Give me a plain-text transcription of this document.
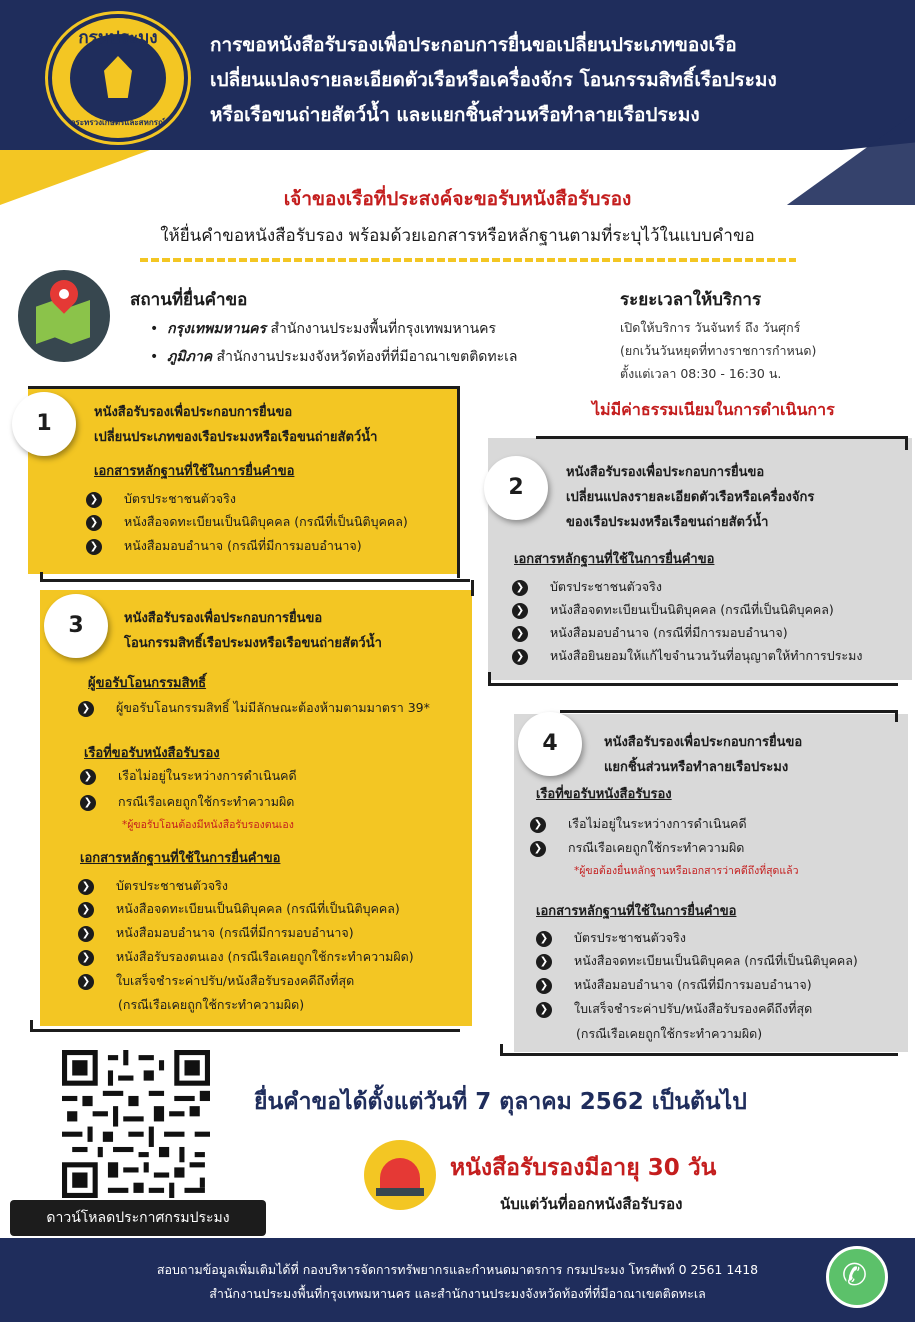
กรมประมง
กระทรวงเกษตรและสหกรณ์
การขอหนังสือรับรองเพื่อประกอบการยื่นขอเปลี่ยนประเภทของเรือ
เปลี่ยนแปลงรายละเอียดตัวเรือหรือเครื่องจักร โอนกรรมสิทธิ์เรือประมง
หรือเรือขนถ่ายสัตว์น้ำ และแยกชิ้นส่วนหรือทำลายเรือประมง
เจ้าของเรือที่ประสงค์จะขอรับหนังสือรับรอง
ให้ยื่นคำขอหนังสือรับรอง พร้อมด้วยเอกสารหรือหลักฐานตามที่ระบุไว้ในแบบคำขอ
สถานที่ยื่นคำขอ
•  กรุงเทพมหานคร สำนักงานประมงพื้นที่กรุงเทพมหานคร
•  ภูมิภาค สำนักงานประมงจังหวัดท้องที่ที่มีอาณาเขตติดทะเล
ระยะเวลาให้บริการ
เปิดให้บริการ วันจันทร์ ถึง วันศุกร์
(ยกเว้นวันหยุดที่ทางราชการกำหนด)
ตั้งแต่เวลา 08:30 - 16:30 น.
ไม่มีค่าธรรมเนียมในการดำเนินการ
1	หนังสือรับรองเพื่อประกอบการยื่นขอ
เปลี่ยนประเภทของเรือประมงหรือเรือขนถ่ายสัตว์น้ำ
เอกสารหลักฐานที่ใช้ในการยื่นคำขอ
❯ บัตรประชาชนตัวจริง
❯ หนังสือจดทะเบียนเป็นนิติบุคคล (กรณีที่เป็นนิติบุคคล)
❯ หนังสือมอบอำนาจ (กรณีที่มีการมอบอำนาจ)
2
หนังสือรับรองเพื่อประกอบการยื่นขอ
เปลี่ยนแปลงรายละเอียดตัวเรือหรือเครื่องจักร
ของเรือประมงหรือเรือขนถ่ายสัตว์น้ำ
เอกสารหลักฐานที่ใช้ในการยื่นคำขอ
❯ บัตรประชาชนตัวจริง
❯ หนังสือจดทะเบียนเป็นนิติบุคคล (กรณีที่เป็นนิติบุคคล)
❯ หนังสือมอบอำนาจ (กรณีที่มีการมอบอำนาจ)
❯ หนังสือยินยอมให้แก้ไขจำนวนวันที่อนุญาตให้ทำการประมง
3	หนังสือรับรองเพื่อประกอบการยื่นขอ
โอนกรรมสิทธิ์เรือประมงหรือเรือขนถ่ายสัตว์น้ำ
ผู้ขอรับโอนกรรมสิทธิ์
❯ ผู้ขอรับโอนกรรมสิทธิ์ ไม่มีลักษณะต้องห้ามตามมาตรา 39*
เรือที่ขอรับหนังสือรับรอง
❯ เรือไม่อยู่ในระหว่างการดำเนินคดี
❯ กรณีเรือเคยถูกใช้กระทำความผิด
*ผู้ขอรับโอนต้องมีหนังสือรับรองตนเอง
เอกสารหลักฐานที่ใช้ในการยื่นคำขอ
❯ บัตรประชาชนตัวจริง
❯ หนังสือจดทะเบียนเป็นนิติบุคคล (กรณีที่เป็นนิติบุคคล)
❯ หนังสือมอบอำนาจ (กรณีที่มีการมอบอำนาจ)
❯ หนังสือรับรองตนเอง (กรณีเรือเคยถูกใช้กระทำความผิด)
❯ ใบเสร็จชำระค่าปรับ/หนังสือรับรองคดีถึงที่สุด
(กรณีเรือเคยถูกใช้กระทำความผิด)
4	หนังสือรับรองเพื่อประกอบการยื่นขอ
แยกชิ้นส่วนหรือทำลายเรือประมง
เรือที่ขอรับหนังสือรับรอง
❯ เรือไม่อยู่ในระหว่างการดำเนินคดี
❯ กรณีเรือเคยถูกใช้กระทำความผิด
*ผู้ขอต้องยื่นหลักฐานหรือเอกสารว่าคดีถึงที่สุดแล้ว
เอกสารหลักฐานที่ใช้ในการยื่นคำขอ
❯ บัตรประชาชนตัวจริง
❯ หนังสือจดทะเบียนเป็นนิติบุคคล (กรณีที่เป็นนิติบุคคล)
❯ หนังสือมอบอำนาจ (กรณีที่มีการมอบอำนาจ)
❯ ใบเสร็จชำระค่าปรับ/หนังสือรับรองคดีถึงที่สุด
(กรณีเรือเคยถูกใช้กระทำความผิด)
ดาวน์โหลดประกาศกรมประมง
ยื่นคำขอได้ตั้งแต่วันที่ 7 ตุลาคม 2562 เป็นต้นไป
หนังสือรับรองมีอายุ 30 วัน
นับแต่วันที่ออกหนังสือรับรอง
สอบถามข้อมูลเพิ่มเติมได้ที่ กองบริหารจัดการทรัพยากรและกำหนดมาตรการ กรมประมง โทรศัพท์ 0 2561 1418
สำนักงานประมงพื้นที่กรุงเทพมหานคร และสำนักงานประมงจังหวัดท้องที่ที่มีอาณาเขตติดทะเล
✆
